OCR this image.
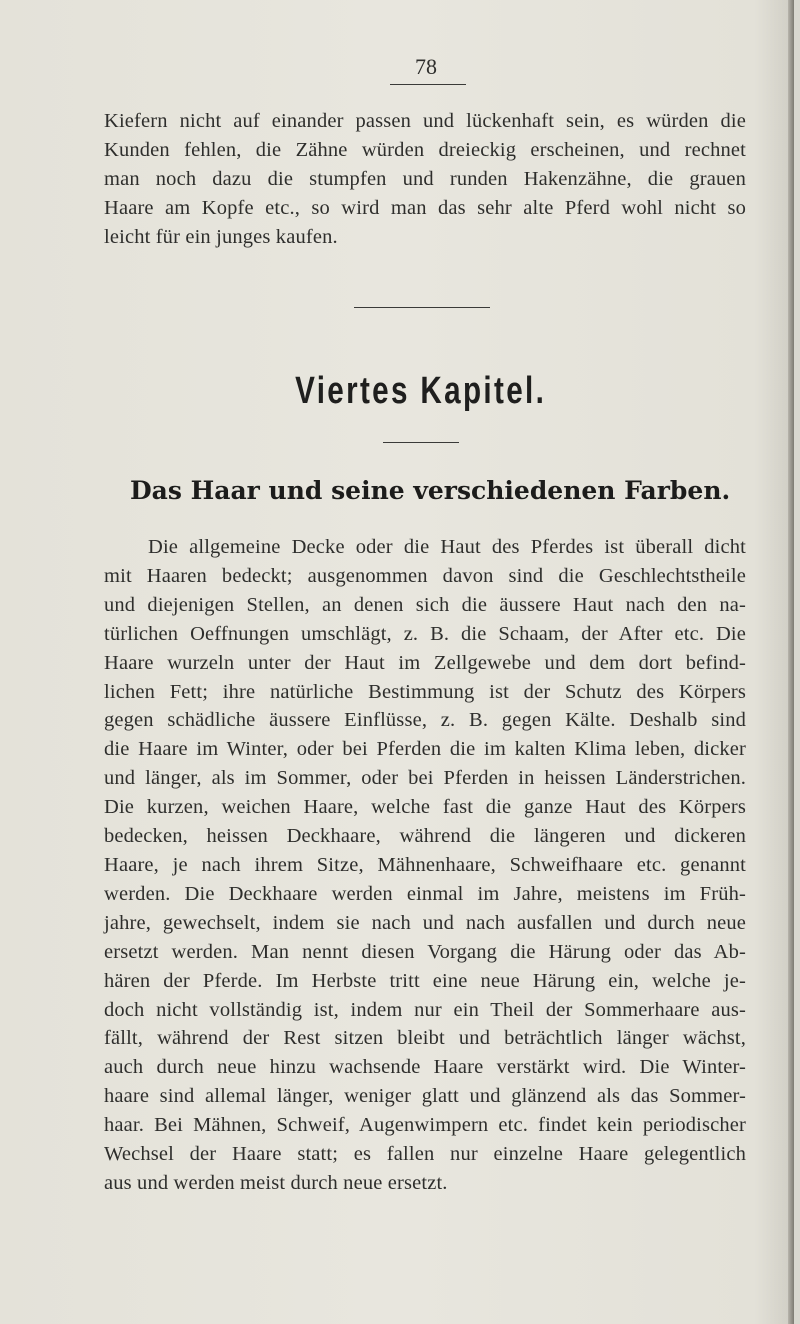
78
Kiefern nicht auf einander passen und lückenhaft sein, es würden die
Kunden fehlen, die Zähne würden dreieckig erscheinen, und rechnet
man noch dazu die stumpfen und runden Hakenzähne, die grauen
Haare am Kopfe etc., so wird man das sehr alte Pferd wohl nicht so
leicht für ein junges kaufen.
Viertes Kapitel.
Das Haar und seine verschiedenen Farben.
Die allgemeine Decke oder die Haut des Pferdes ist überall dicht
mit Haaren bedeckt; ausgenommen davon sind die Geschlechtstheile
und diejenigen Stellen, an denen sich die äussere Haut nach den na-
türlichen Oeffnungen umschlägt, z. B. die Schaam, der After etc. Die
Haare wurzeln unter der Haut im Zellgewebe und dem dort befind-
lichen Fett; ihre natürliche Bestimmung ist der Schutz des Körpers
gegen schädliche äussere Einflüsse, z. B. gegen Kälte. Deshalb sind
die Haare im Winter, oder bei Pferden die im kalten Klima leben, dicker
und länger, als im Sommer, oder bei Pferden in heissen Länderstrichen.
Die kurzen, weichen Haare, welche fast die ganze Haut des Körpers
bedecken, heissen Deckhaare, während die längeren und dickeren
Haare, je nach ihrem Sitze, Mähnenhaare, Schweifhaare etc. genannt
werden. Die Deckhaare werden einmal im Jahre, meistens im Früh-
jahre, gewechselt, indem sie nach und nach ausfallen und durch neue
ersetzt werden. Man nennt diesen Vorgang die Härung oder das Ab-
hären der Pferde. Im Herbste tritt eine neue Härung ein, welche je-
doch nicht vollständig ist, indem nur ein Theil der Sommerhaare aus-
fällt, während der Rest sitzen bleibt und beträchtlich länger wächst,
auch durch neue hinzu wachsende Haare verstärkt wird. Die Winter-
haare sind allemal länger, weniger glatt und glänzend als das Sommer-
haar. Bei Mähnen, Schweif, Augenwimpern etc. findet kein periodischer
Wechsel der Haare statt; es fallen nur einzelne Haare gelegentlich
aus und werden meist durch neue ersetzt.
